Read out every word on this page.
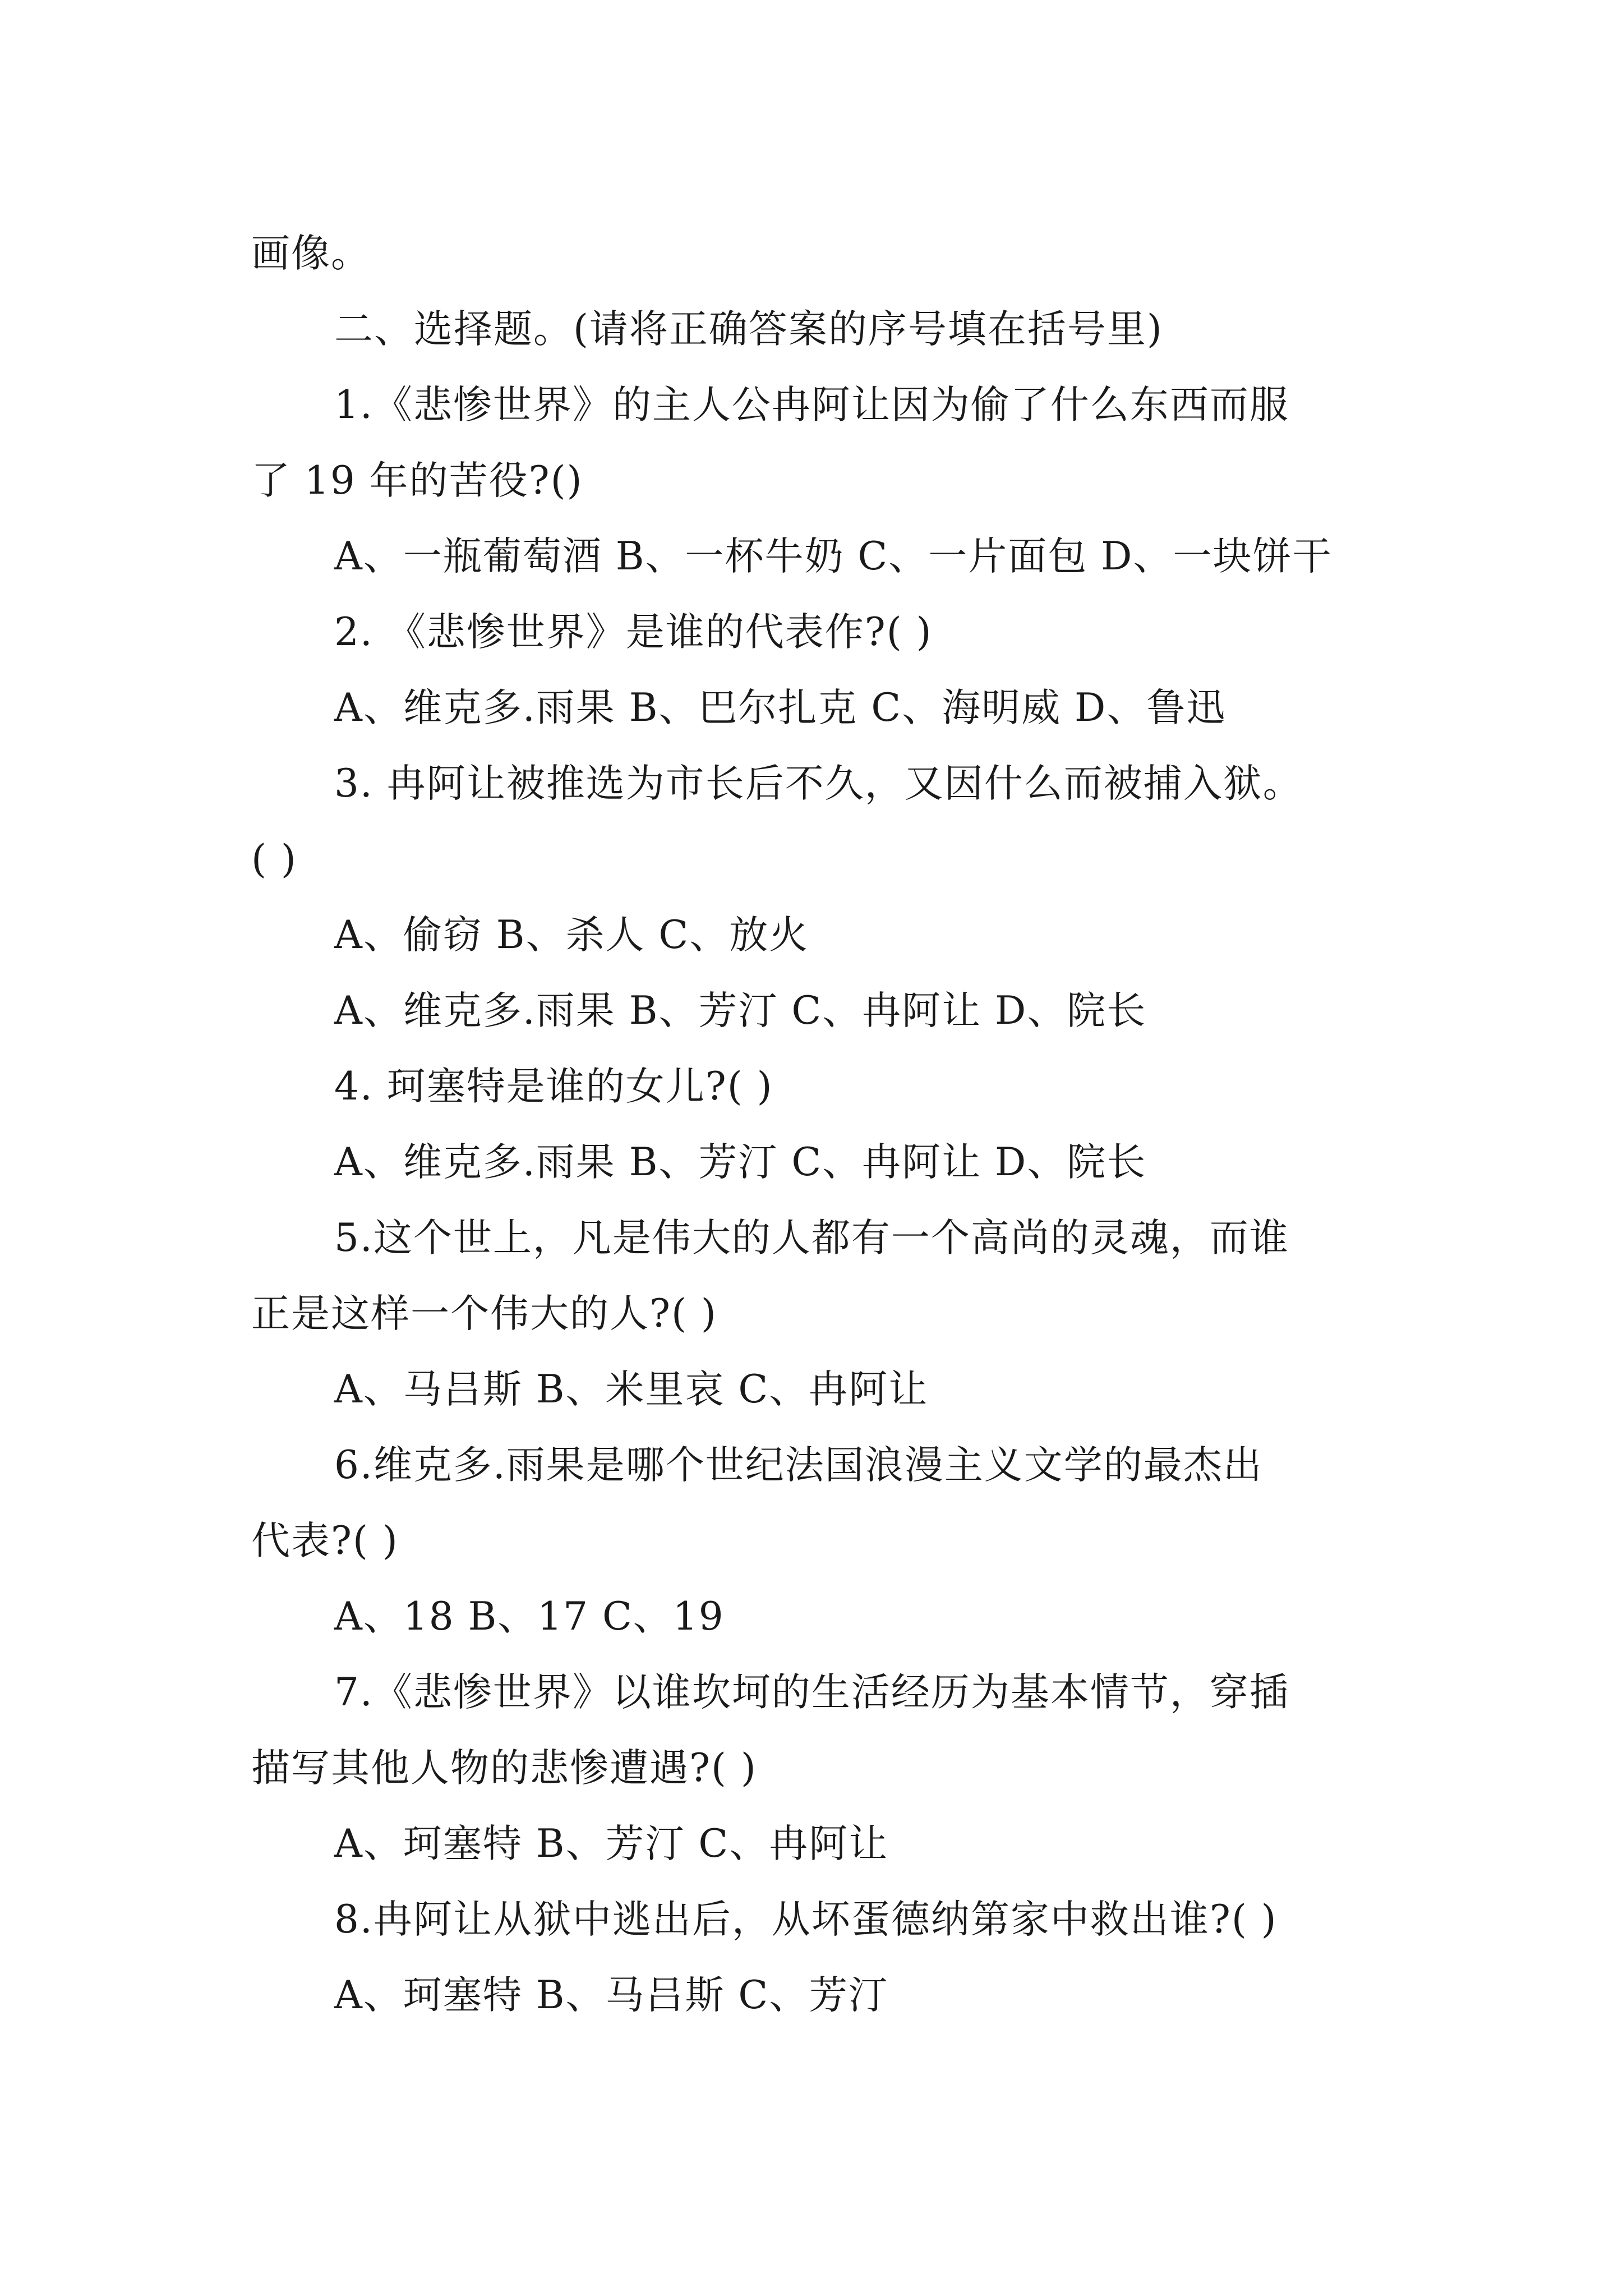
画像。
二、选择题。(请将正确答案的序号填在括号里)
1.《悲惨世界》的主人公冉阿让因为偷了什么东西而服
了 19 年的苦役?()
A、一瓶葡萄酒 B、一杯牛奶 C、一片面包 D、一块饼干
2. 《悲惨世界》是谁的代表作?( )
A、维克多.雨果 B、巴尔扎克 C、海明威 D、鲁迅
3. 冉阿让被推选为市长后不久，又因什么而被捕入狱。
( )
A、偷窃 B、杀人 C、放火
A、维克多.雨果 B、芳汀 C、冉阿让 D、院长
4. 珂塞特是谁的女儿?( )
A、维克多.雨果 B、芳汀 C、冉阿让 D、院长
5.这个世上，凡是伟大的人都有一个高尚的灵魂，而谁
正是这样一个伟大的人?( )
A、马吕斯 B、米里哀 C、冉阿让
6.维克多.雨果是哪个世纪法国浪漫主义文学的最杰出
代表?( )
A、18 B、17 C、19
7.《悲惨世界》以谁坎坷的生活经历为基本情节，穿插
描写其他人物的悲惨遭遇?( )
A、珂塞特 B、芳汀 C、冉阿让
8.冉阿让从狱中逃出后，从坏蛋德纳第家中救出谁?( )
A、珂塞特 B、马吕斯 C、芳汀
